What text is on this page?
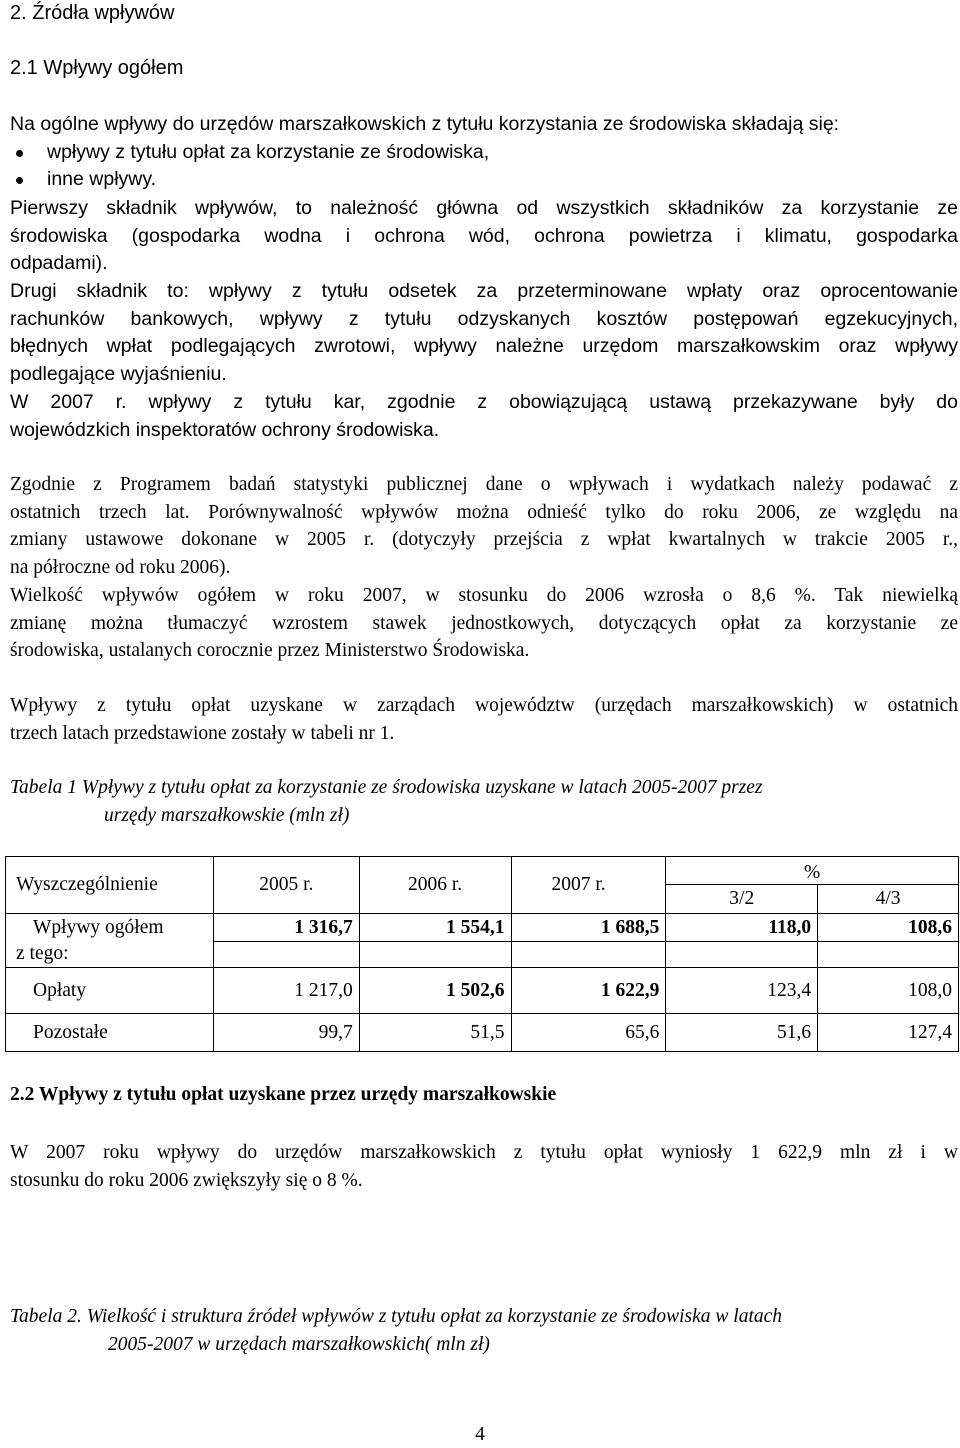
2. Źródła wpływów
2.1 Wpływy ogółem
Na ogólne wpływy do urzędów marszałkowskich z tytułu korzystania ze środowiska składają się:
wpływy z tytułu opłat za korzystanie ze środowiska,
inne wpływy.
Pierwszy składnik wpływów, to należność główna od wszystkich składników za korzystanie ze
środowiska (gospodarka wodna i ochrona wód, ochrona powietrza i klimatu, gospodarka
odpadami).
Drugi składnik to: wpływy z tytułu odsetek za przeterminowane wpłaty oraz oprocentowanie
rachunków bankowych, wpływy z tytułu odzyskanych kosztów postępowań egzekucyjnych,
błędnych wpłat podlegających zwrotowi, wpływy należne urzędom marszałkowskim oraz wpływy
podlegające wyjaśnieniu.
W 2007 r. wpływy z tytułu kar, zgodnie z obowiązującą ustawą przekazywane były do
wojewódzkich inspektoratów ochrony środowiska.
Zgodnie z Programem badań statystyki publicznej dane o wpływach i wydatkach należy podawać z
ostatnich trzech lat. Porównywalność wpływów można odnieść tylko do roku 2006, ze względu na
zmiany ustawowe dokonane w 2005 r. (dotyczyły przejścia z wpłat kwartalnych w trakcie 2005 r.,
na półroczne od roku 2006).
Wielkość wpływów ogółem w roku 2007, w stosunku do 2006 wzrosła o 8,6 %. Tak niewielką
zmianę można tłumaczyć wzrostem stawek jednostkowych, dotyczących opłat za korzystanie ze
środowiska, ustalanych corocznie przez Ministerstwo Środowiska.
Wpływy z tytułu opłat uzyskane w zarządach województw (urzędach marszałkowskich) w ostatnich
trzech latach przedstawione zostały w tabeli nr 1.
Tabela 1 Wpływy z tytułu opłat za korzystanie ze środowiska uzyskane w latach 2005-2007 przez
urzędy marszałkowskie (mln zł)
Wyszczególnienie	2005 r.	2006 r.	2007 r.	%	
				3/2	4/3
Wpływy ogółem	1 316,7	1 554,1	1 688,5	118,0	108,6
z tego:					
Opłaty	1 217,0	1 502,6	1 622,9	123,4	108,0
Pozostałe	99,7	51,5	65,6	51,6	127,4
2.2 Wpływy z tytułu opłat uzyskane przez urzędy marszałkowskie
W 2007 roku wpływy do urzędów marszałkowskich z tytułu opłat wyniosły 1 622,9 mln zł i w
stosunku do roku 2006 zwiększyły się o 8 %.
Tabela 2. Wielkość i struktura źródeł wpływów z tytułu opłat za korzystanie ze środowiska w latach
2005-2007 w urzędach marszałkowskich( mln zł)
4
